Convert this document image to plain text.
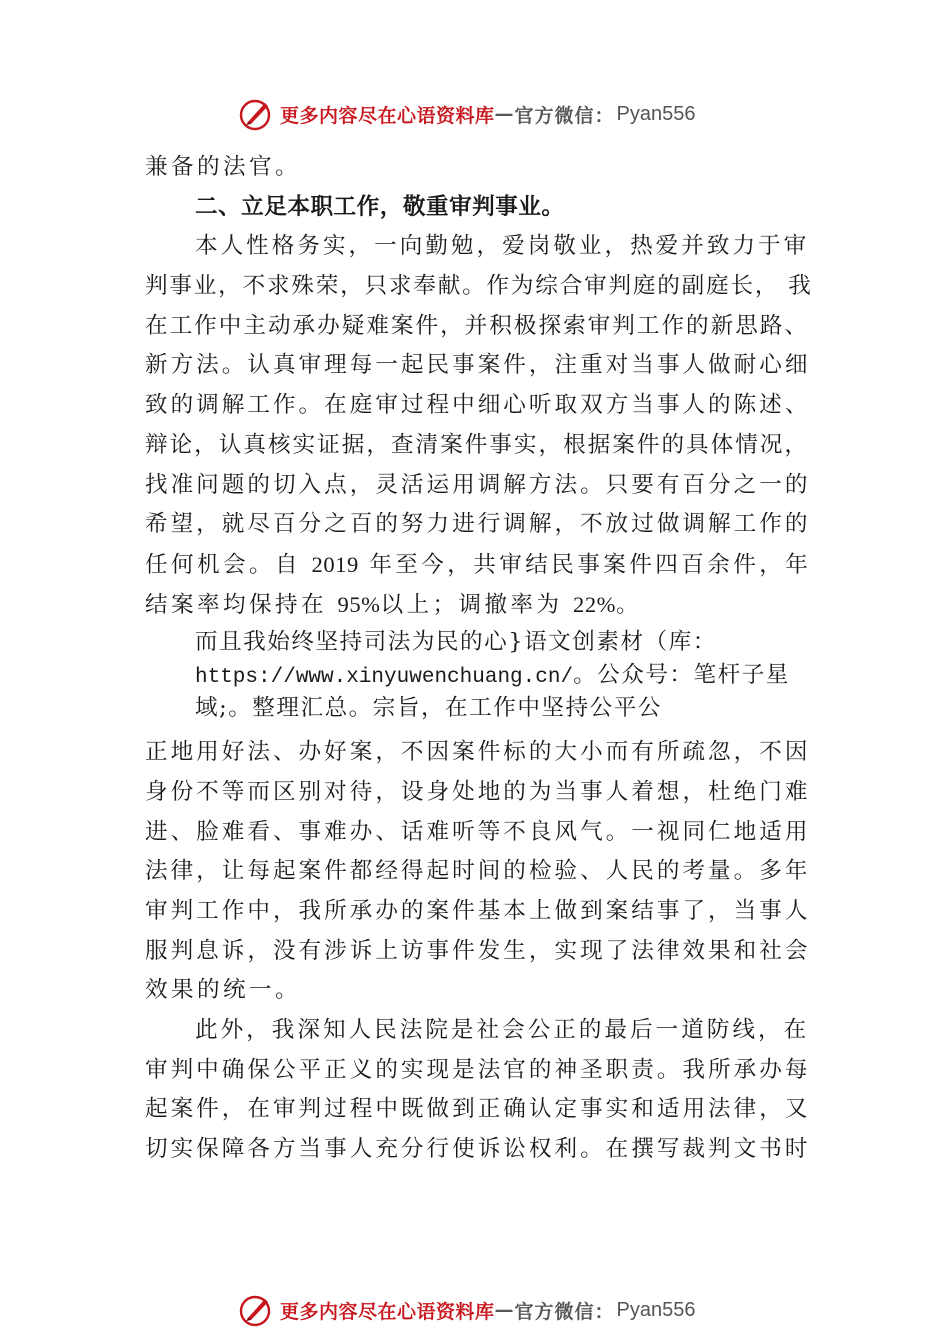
更多内容尽在心语资料库 — 官方微信： Pyan556
兼备的法官。
二、立足本职工作，敬重审判事业。
本人性格务实，一向勤勉，爱岗敬业，热爱并致力于审
判事业，不求殊荣，只求奉献。作为综合审判庭的副庭长， 我
在工作中主动承办疑难案件，并积极探索审判工作的新思路、
新方法。认真审理每一起民事案件，注重对当事人做耐心细
致的调解工作。在庭审过程中细心听取双方当事人的陈述、
辩论，认真核实证据，查清案件事实，根据案件的具体情况，
找准问题的切入点，灵活运用调解方法。只要有百分之一的
希望，就尽百分之百的努力进行调解，不放过做调解工作的
任何机会。自 2019 年至今，共审结民事案件四百余件，年
结案率均保持在 95%以上；调撤率为 22%。
而且我始终坚持司法为民的心}语文创素材（库：
https://www.xinyuwenchuang.cn/。公众号：笔杆子星
域;。整理汇总。宗旨，在工作中坚持公平公
正地用好法、办好案，不因案件标的大小而有所疏忽，不因
身份不等而区别对待，设身处地的为当事人着想，杜绝门难
进、脸难看、事难办、话难听等不良风气。一视同仁地适用
法律，让每起案件都经得起时间的检验、人民的考量。多年
审判工作中，我所承办的案件基本上做到案结事了，当事人
服判息诉，没有涉诉上访事件发生，实现了法律效果和社会
效果的统一。
此外，我深知人民法院是社会公正的最后一道防线，在
审判中确保公平正义的实现是法官的神圣职责。我所承办每
起案件，在审判过程中既做到正确认定事实和适用法律，又
切实保障各方当事人充分行使诉讼权利。在撰写裁判文书时
更多内容尽在心语资料库 — 官方微信： Pyan556
